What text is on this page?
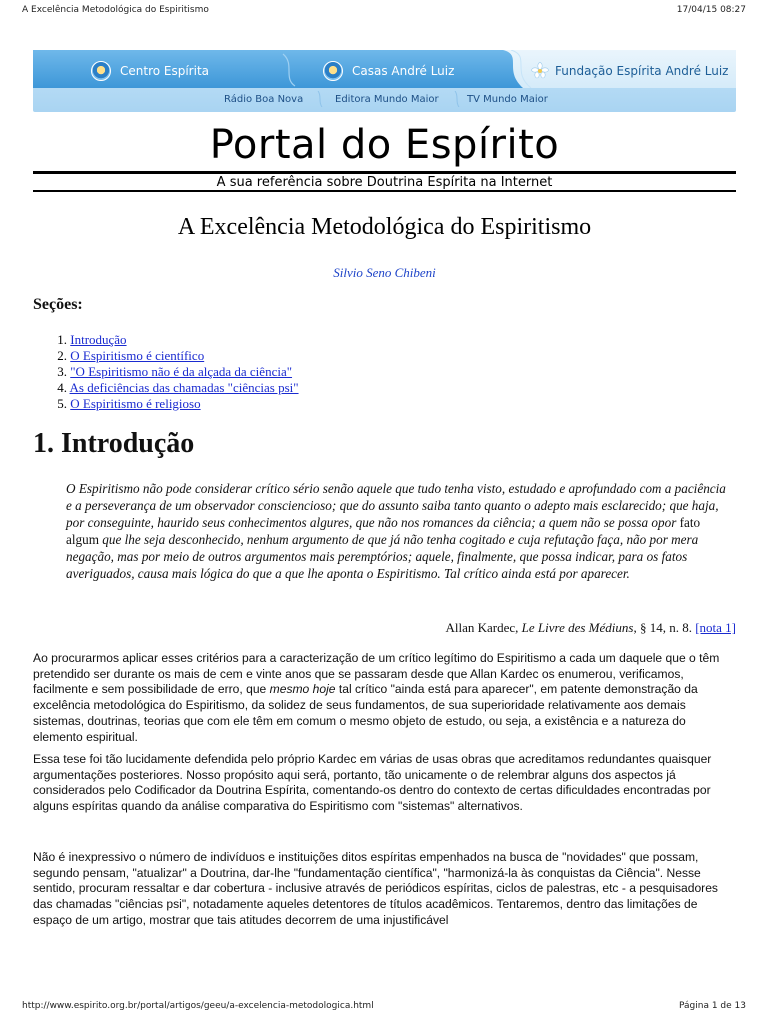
A Excelência Metodológica do Espiritismo	17/04/15 08:27
Centro Espírita	Casas André Luiz	Fundação Espírita André Luiz
Rádio Boa Nova	Editora Mundo Maior	TV Mundo Maior
Portal do Espírito
A sua referência sobre Doutrina Espírita na Internet
A Excelência Metodológica do Espiritismo
Silvio Seno Chibeni
Seções:
1. Introdução
2. O Espiritismo é científico
3. "O Espiritismo não é da alçada da ciência"
4. As deficiências das chamadas "ciências psi"
5. O Espiritismo é religioso
1. Introdução
O Espiritismo não pode considerar crítico sério senão aquele que tudo tenha visto, estudado e aprofundado com a paciência e a perseverança de um observador consciencioso; que do assunto saiba tanto quanto o adepto mais esclarecido; que haja, por conseguinte, haurido seus conhecimentos algures, que não nos romances da ciência; a quem não se possa opor fato algum que lhe seja desconhecido, nenhum argumento de que já não tenha cogitado e cuja refutação faça, não por mera negação, mas por meio de outros argumentos mais peremptórios; aquele, finalmente, que possa indicar, para os fatos averiguados, causa mais lógica do que a que lhe aponta o Espiritismo. Tal crítico ainda está por aparecer.
Allan Kardec, Le Livre des Médiuns, § 14, n. 8. [nota 1]
Ao procurarmos aplicar esses critérios para a caracterização de um crítico legítimo do Espiritismo a cada um daquele que o têm pretendido ser durante os mais de cem e vinte anos que se passaram desde que Allan Kardec os enumerou, verificamos, facilmente e sem possibilidade de erro, que mesmo hoje tal crítico "ainda está para aparecer", em patente demonstração da excelência metodológica do Espiritismo, da solidez de seus fundamentos, de sua superioridade relativamente aos demais sistemas, doutrinas, teorias que com ele têm em comum o mesmo objeto de estudo, ou seja, a existência e a natureza do elemento espiritual.
Essa tese foi tão lucidamente defendida pelo próprio Kardec em várias de usas obras que acreditamos redundantes quaisquer argumentações posteriores. Nosso propósito aqui será, portanto, tão unicamente o de relembrar alguns dos aspectos já considerados pelo Codificador da Doutrina Espírita, comentando-os dentro do contexto de certas dificuldades encontradas por alguns espíritas quando da análise comparativa do Espiritismo com "sistemas" alternativos.
Não é inexpressivo o número de indivíduos e instituições ditos espíritas empenhados na busca de "novidades" que possam, segundo pensam, "atualizar" a Doutrina, dar-lhe "fundamentação científica", "harmonizá-la às conquistas da Ciência". Nesse sentido, procuram ressaltar e dar cobertura - inclusive através de periódicos espíritas, ciclos de palestras, etc - a pesquisadores das chamadas "ciências psi", notadamente aqueles detentores de títulos acadêmicos. Tentaremos, dentro das limitações de espaço de um artigo, mostrar que tais atitudes decorrem de uma injustificável
http://www.espirito.org.br/portal/artigos/geeu/a-excelencia-metodologica.html	Página 1 de 13
